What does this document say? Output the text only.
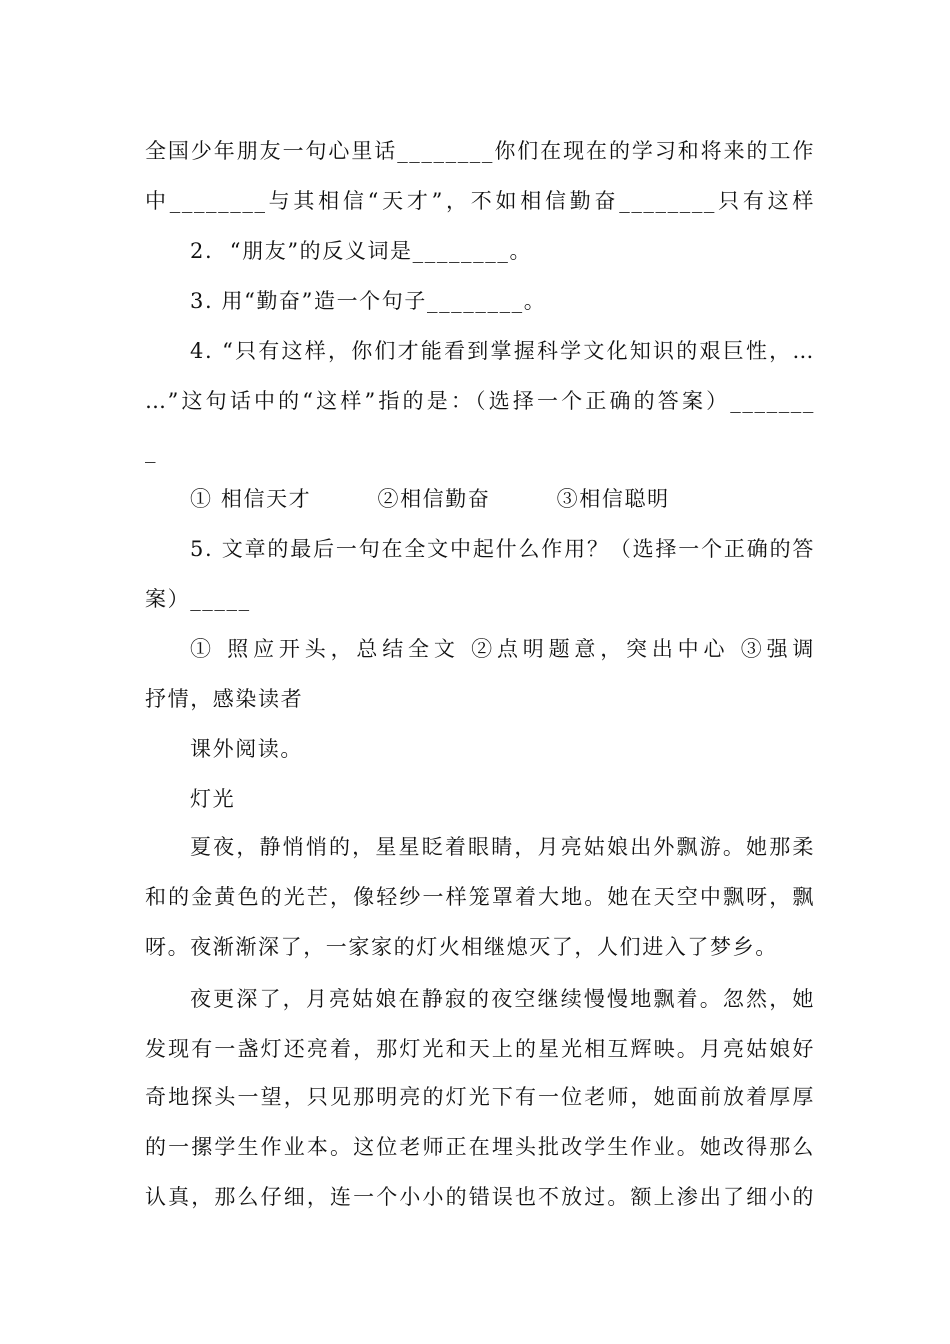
全国少年朋友一句心里话________你们在现在的学习和将来的工作
中________与其相信“天才”，不如相信勤奋________只有这样
2.  “朋友”的反义词是________。
3. 用“勤奋”造一个句子________。
4. “只有这样，你们才能看到掌握科学文化知识的艰巨性，…
…”这句话中的“这样”指的是：（选择一个正确的答案）_______
_
① 相信天才        ②相信勤奋        ③相信聪明
5. 文章的最后一句在全文中起什么作用？（选择一个正确的答
案）_____
① 照应开头，总结全文 ②点明题意，突出中心 ③强调
抒情，感染读者
课外阅读。
灯光
夏夜，静悄悄的，星星眨着眼睛，月亮姑娘出外飘游。她那柔
和的金黄色的光芒，像轻纱一样笼罩着大地。她在天空中飘呀，飘
呀。夜渐渐深了，一家家的灯火相继熄灭了，人们进入了梦乡。
夜更深了，月亮姑娘在静寂的夜空继续慢慢地飘着。忽然，她
发现有一盏灯还亮着，那灯光和天上的星光相互辉映。月亮姑娘好
奇地探头一望，只见那明亮的灯光下有一位老师，她面前放着厚厚
的一摞学生作业本。这位老师正在埋头批改学生作业。她改得那么
认真，那么仔细，连一个小小的错误也不放过。额上渗出了细小的
